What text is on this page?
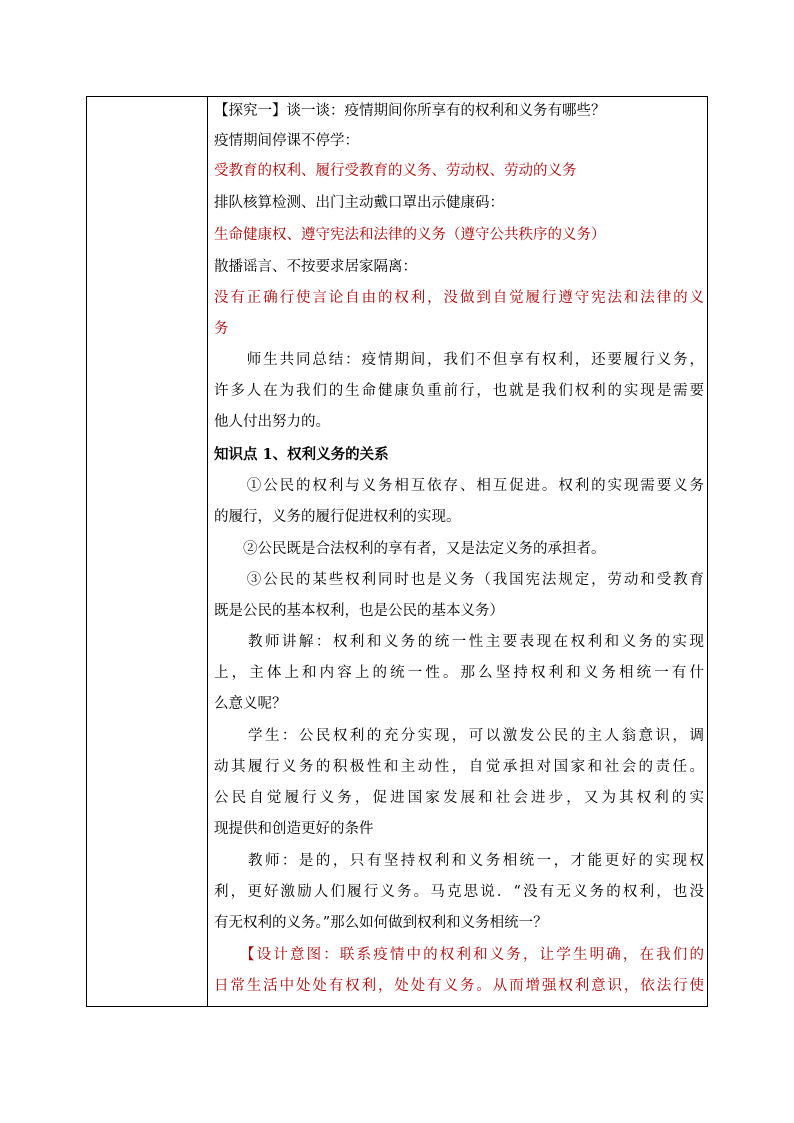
【探究一】谈一谈：疫情期间你所享有的权利和义务有哪些？
疫情期间停课不停学：
受教育的权利、履行受教育的义务、劳动权、劳动的义务
排队核算检测、出门主动戴口罩出示健康码：
生命健康权、遵守宪法和法律的义务（遵守公共秩序的义务）
散播谣言、不按要求居家隔离：
没有正确行使言论自由的权利，没做到自觉履行遵守宪法和法律的义
务
　　师生共同总结：疫情期间，我们不但享有权利，还要履行义务，
许多人在为我们的生命健康负重前行，也就是我们权利的实现是需要
他人付出努力的。
知识点 1、权利义务的关系
　　①公民的权利与义务相互依存、相互促进。权利的实现需要义务
的履行，义务的履行促进权利的实现。
　　②公民既是合法权利的享有者，又是法定义务的承担者。
　　③公民的某些权利同时也是义务（我国宪法规定，劳动和受教育
既是公民的基本权利，也是公民的基本义务）
　　教师讲解：权利和义务的统一性主要表现在权利和义务的实现
上，主体上和内容上的统一性。那么坚持权利和义务相统一有什
么意义呢？
　　学生：公民权利的充分实现，可以激发公民的主人翁意识，调
动其履行义务的积极性和主动性，自觉承担对国家和社会的责任。
公民自觉履行义务，促进国家发展和社会进步，又为其权利的实
现提供和创造更好的条件
　　教师：是的，只有坚持权利和义务相统一，才能更好的实现权
利，更好激励人们履行义务。马克思说．“没有无义务的权利，也没
有无权利的义务。”那么如何做到权利和义务相统一？
　　【设计意图：联系疫情中的权利和义务，让学生明确，在我们的
日常生活中处处有权利，处处有义务。从而增强权利意识，依法行使
